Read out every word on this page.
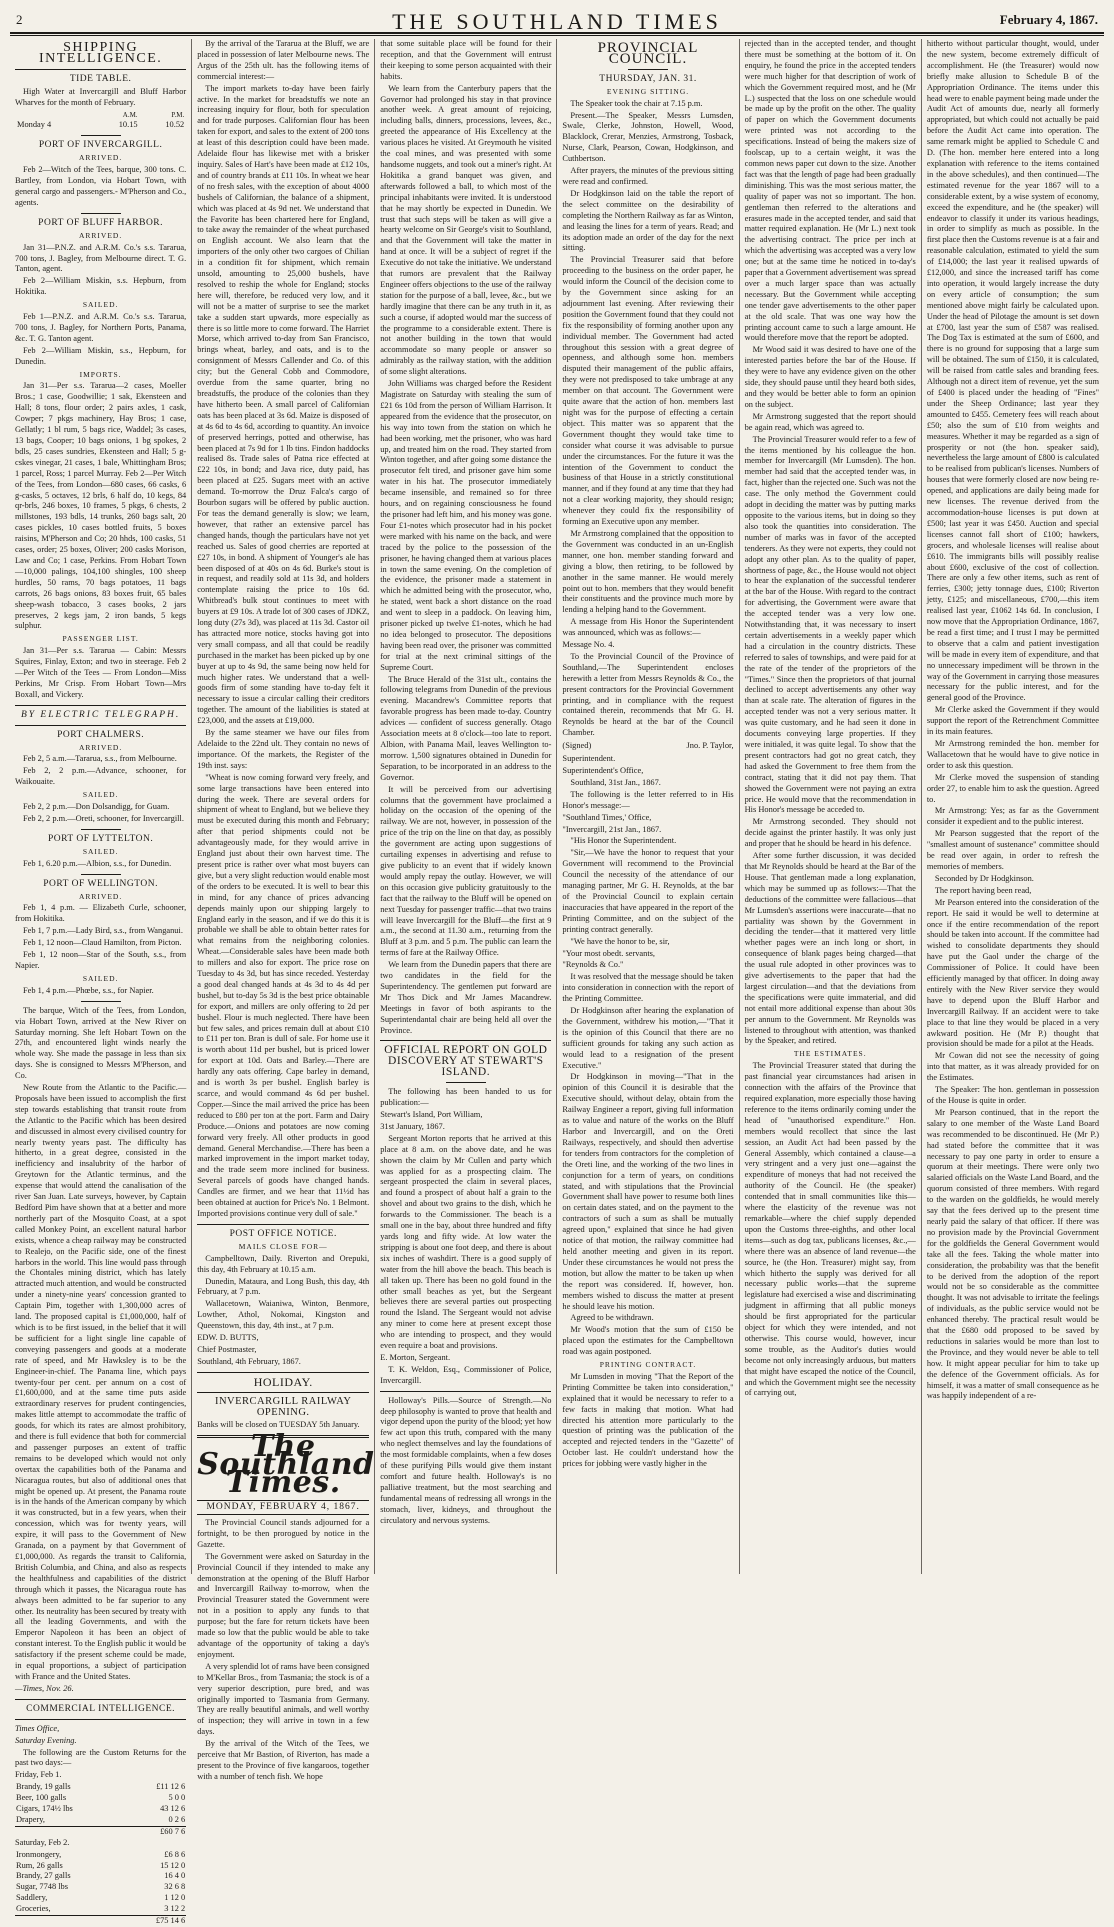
2	THE SOUTHLAND TIMES	February 4, 1867.
SHIPPING INTELLIGENCE.
TIDE TABLE.

High Water at Invercargill and Bluff Harbor Wharves for the month of February.

	A.M.	P.M.
Monday 4	10.15	10.52
PORT OF INVERCARGILL.
ARRIVED.

Feb 2—Witch of the Tees, barque, 300 tons. C. Bartley, from London, via Hobart Town, with general cargo and passengers.- M'Pherson and Co., agents.

PORT OF BLUFF HARBOR.
ARRIVED.

Jan 31—P.N.Z. and A.R.M. Co.'s s.s. Tararua, 700 tons, J. Bagley, from Melbourne direct. T. G. Tanton, agent.

Feb 2—William Miskin, s.s. Hepburn, from Hokitika.

SAILED.

Feb 1—P.N.Z. and A.R.M. Co.'s s.s. Tararua, 700 tons, J. Bagley, for Northern Ports, Panama, &c. T. G. Tanton agent.

Feb 2—William Miskin, s.s., Hepburn, for Dunedin.

IMPORTS.

Jan 31—Per s.s. Tararua—2 cases, Moeller Bros.; 1 case, Goodwillie; 1 sak, Ekensteen and Hall; 8 tons, flour order; 2 pairs axles, 1 cask, Cowper; 7 pkgs machinery, Hay Bros; 1 case, Gellatly; 1 bl rum, 5 bags rice, Waddel; 3s cases, 13 bags, Cooper; 10 bags onions, 1 bg spokes, 2 bdls, 25 cases sundries, Ekensteen and Hall; 5 g-cskes vinegar, 21 cases, 1 bale, Whittingham Bros; 1 parcel, Ross; 1 parcel Murray. Feb 2—Per Witch of the Tees, from London—680 cases, 66 casks, 6 g-casks, 5 octaves, 12 brls, 6 half do, 10 kegs, 84 qr-brls, 246 boxes, 10 frames, 5 pkgs, 6 chests, 2 millstones, 193 bdls, 14 trunks, 260 bags salt, 20 cases pickles, 10 cases bottled fruits, 5 boxes raisins, M'Pherson and Co; 20 hhds, 100 casks, 51 cases, order; 25 boxes, Oliver; 200 casks Morison, Law and Co; 1 case, Perkins. From Hobart Town—10,000 palings, 104,100 shingles, 100 sheep hurdles, 50 rams, 70 bags potatoes, 11 bags carrots, 26 bags onions, 83 boxes fruit, 65 bales sheep-wash tobacco, 3 cases books, 2 jars preserves, 2 kegs jam, 2 iron bands, 5 kegs sulphur.

PASSENGER LIST.

Jan 31—Per s.s. Tararua — Cabin: Messrs Squires, Finlay, Exton; and two in steerage. Feb 2—Per Witch of the Tees — From London—Miss Perkins, Mr Crisp. From Hobart Town—Mrs Boxall, and Vickery.

BY ELECTRIC TELEGRAPH.
PORT CHALMERS.
ARRIVED.

Feb 2, 5 a.m.—Tararua, s.s., from Melbourne.

Feb 2, 2 p.m.—Advance, schooner, for Waikouaite.

SAILED.

Feb 2, 2 p.m.—Don Dolsandigg, for Guam.

Feb 2, 2 p.m.—Oreti, schooner, for Invercargill.

PORT OF LYTTELTON.
SAILED.

Feb 1, 6.20 p.m.—Albion, s.s., for Dunedin.

PORT OF WELLINGTON.
ARRIVED.

Feb 1, 4 p.m. — Elizabeth Curle, schooner, from Hokitika.

Feb 1, 7 p.m.—Lady Bird, s.s., from Wanganui.

Feb 1, 12 noon—Claud Hamilton, from Picton.

Feb 1, 12 noon—Star of the South, s.s., from Napier.

SAILED.

Feb 1, 4 p.m.—Phœbe, s.s., for Napier.

The barque, Witch of the Tees, from London, via Hobart Town, arrived at the New River on Saturday morning. She left Hobart Town on the 27th, and encountered light winds nearly the whole way. She made the passage in less than six days. She is consigned to Messrs M'Pherson, and Co.

New Route from the Atlantic to the Pacific.—Proposals have been issued to accomplish the first step towards establishing that transit route from the Atlantic to the Pacific which has been desired and discussed in almost every civilised country for nearly twenty years past. The difficulty has hitherto, in a great degree, consisted in the inefficiency and insalubrity of the harbor of Greytown for the Atlantic terminus, and the expense that would attend the canalisation of the river San Juan. Late surveys, however, by Captain Bedford Pim have shown that at a better and more northerly part of the Mosquito Coast, at a spot called Monkey Point, an excellent natural harbor exists, whence a cheap railway may be constructed to Realejo, on the Pacific side, one of the finest harbors in the world. This line would pass through the Chontales mining district, which has lately attracted much attention, and would be constructed under a ninety-nine years' concession granted to Captain Pim, together with 1,300,000 acres of land. The proposed capital is £1,000,000, half of which is to be first issued, in the belief that it will be sufficient for a light single line capable of conveying passengers and goods at a moderate rate of speed, and Mr Hawksley is to be the Engineer-in-chief. The Panama line, which pays twenty-four per cent. per annum on a cost of £1,600,000, and at the same time puts aside extraordinary reserves for prudent contingencies, makes little attempt to accommodate the traffic of goods, for which its rates are almost prohibitory, and there is full evidence that both for commercial and passenger purposes an extent of traffic remains to be developed which would not only overtax the capabilities both of the Panama and Nicaragua routes, but also of additional ones that might be opened up. At present, the Panama route is in the hands of the American company by which it was constructed, but in a few years, when their concession, which was for twenty years, will expire, it will pass to the Government of New Granada, on a payment by that Government of £1,000,000. As regards the transit to California, British Columbia, and China, and also as respects the healthfulness and capabilities of the district through which it passes, the Nicaragua route has always been admitted to be far superior to any other. Its neutrality has been secured by treaty with all the leading Governments, and with the Emperor Napoleon it has been an object of constant interest. To the English public it would be satisfactory if the present scheme could be made, in equal proportions, a subject of participation with France and the United States.

—Times, Nov. 26.

COMMERCIAL INTELLIGENCE.

Times Office,

Saturday Evening.

The following are the Custom Returns for the past two days:—

Friday, Feb 1.

Brandy, 19 galls	£11 12 6
Beer, 100 galls	5 0 0
Cigars, 174½ lbs	43 12 6
Drapery,	0 2 6
	£60 7 6

Saturday, Feb 2.

Ironmongery,	£6 8 6
Rum, 26 galls	15 12 0
Brandy, 27 galls	16 4 0
Sugar, 7748 lbs	32 6 8
Saddlery,	1 12 0
Groceries,	3 12 2
	£75 14 6

By the arrival of the Tararua at the Bluff, we are placed in possession of later Melbourne news. The Argus of the 25th ult. has the following items of commercial interest:—

The import markets to-day have been fairly active. In the market for breadstuffs we note an increasing inquiry for flour, both for speculation and for trade purposes. Californian flour has been taken for export, and sales to the extent of 200 tons at least of this description could have been made. Adelaide flour has likewise met with a brisker inquiry. Sales of Hart's have been made at £12 10s, and of country brands at £11 10s. In wheat we hear of no fresh sales, with the exception of about 4000 bushels of Californian, the balance of a shipment, which was placed at 4s 9d net. We understand that the Favorite has been chartered here for England, to take away the remainder of the wheat purchased on English account. We also learn that the importers of the only other two cargoes of Chilian in a condition fit for shipment, which remain unsold, amounting to 25,000 bushels, have resolved to reship the whole for England; stocks here will, therefore, be reduced very low, and it will not be a matter of surprise to see the market take a sudden start upwards, more especially as there is so little more to come forward. The Harriet Morse, which arrived to-day from San Francisco, brings wheat, barley, and oats, and is to the consignment of Messrs Callender and Co. of this city; but the General Cobb and Commodore, overdue from the same quarter, bring no breadstuffs, the produce of the colonies than they have hitherto been. A small parcel of Californian oats has been placed at 3s 6d. Maize is disposed of at 4s 6d to 4s 6d, according to quantity. An invoice of preserved herrings, potted and otherwise, has been placed at 7s 9d for 1 lb tins. Findon haddocks realised 8s. Trade sales of Patna rice effected at £22 10s, in bond; and Java rice, duty paid, has been placed at £25. Sugars meet with an active demand. To-morrow the Druz Falca's cargo of Bourbon sugars will be offered by public auction. For teas the demand generally is slow; we learn, however, that rather an extensive parcel has changed hands, though the particulars have not yet reached us. Sales of good cherries are reported at £27 10s, in bond. A shipment of Younger's ale has been disposed of at 40s on 4s 6d. Burke's stout is in request, and readily sold at 11s 3d, and holders contemplate raising the price to 10s 6d. Whitbread's bulk stout continues to meet with buyers at £9 10s. A trade lot of 300 cases of JDKZ, long duty (27s 3d), was placed at 11s 3d. Castor oil has attracted more notice, stocks having got into very small compass, and all that could be readily purchased in the market has been picked up by one buyer at up to 4s 9d, the same being now held for much higher rates. We understand that a well-goods firm of some standing have to-day felt it necessary to issue a circular calling their creditors together. The amount of the liabilities is stated at £23,000, and the assets at £19,000.

By the same steamer we have our files from Adelaide to the 22nd ult. They contain no news of importance. Of the markets, the Register of the 19th inst. says:

"Wheat is now coming forward very freely, and some large transactions have been entered into during the week. There are several orders for shipment of wheat to England, but we believe they must be executed during this month and February; after that period shipments could not be advantageously made, for they would arrive in England just about their own harvest time. The present price is rather over what most buyers can give, but a very slight reduction would enable most of the orders to be executed. It is well to bear this in mind, for any chance of prices advancing depends mainly upon our shipping largely to England early in the season, and if we do this it is probable we shall be able to obtain better rates for what remains from the neighboring colonies. Wheat.—Considerable sales have been made both to millers and also for export. The price rose on Tuesday to 4s 3d, but has since receded. Yesterday a good deal changed hands at 4s 3d to 4s 4d per bushel, but to-day 5s 3d is the best price obtainable for export, and millers are only offering to 2d per bushel. Flour is much neglected. There have been but few sales, and prices remain dull at about £10 to £11 per ton. Bran is dull of sale. For home use it is worth about 11d per bushel, but is priced lower for export at 10d. Oats and Barley.—There are hardly any oats offering. Cape barley in demand, and is worth 3s per bushel. English barley is scarce, and would command 4s 6d per bushel. Copper.—Since the mail arrived the price has been reduced to £80 per ton at the port. Farm and Dairy Produce.—Onions and potatoes are now coming forward very freely. All other products in good demand. General Merchandise.—There has been a marked improvement in the import market today, and the trade seem more inclined for business. Several parcels of goods have changed hands. Candles are firmer, and we hear that 11½d has been obtained at auction for Price's No. 1 Belmont. Imported provisions continue very dull of sale."

POST OFFICE NOTICE.
MAILS CLOSE FOR—

Campbelltown, Daily. Riverton and Orepuki, this day, 4th February at 10.15 a.m.

Dunedin, Mataura, and Long Bush, this day, 4th February, at 7 p.m.

Wallacetown, Waianiwa, Winton, Benmore, Lowther, Athol, Nokomai, Kingston and Queenstown, this day, 4th inst., at 7 p.m.

EDW. D. BUTTS,

Chief Postmaster,

Southland, 4th February, 1867.

HOLIDAY.
INVERCARGILL RAILWAY OPENING.

Banks will be closed on TUESDAY 5th January.

The Southland Times.
MONDAY, FEBRUARY 4, 1867.

The Provincial Council stands adjourned for a fortnight, to be then prorogued by notice in the Gazette.

The Government were asked on Saturday in the Provincial Council if they intended to make any demonstration at the opening of the Bluff Harbor and Invercargill Railway to-morrow, when the Provincial Treasurer stated the Government were not in a position to apply any funds to that purpose; but the fare for return tickets have been made so low that the public would be able to take advantage of the opportunity of taking a day's enjoyment.

A very splendid lot of rams have been consigned to M'Kellar Bros., from Tasmania; the stock is of a very superior description, pure bred, and was originally imported to Tasmania from Germany. They are really beautiful animals, and well worthy of inspection; they will arrive in town in a few days.

By the arrival of the Witch of the Tees, we perceive that Mr Bastion, of Riverton, has made a present to the Province of five kangaroos, together with a number of tench fish. We hope

that some suitable place will be found for their reception, and that the Government will entrust their keeping to some person acquainted with their habits.

We learn from the Canterbury papers that the Governor had prolonged his stay in that province another week. A great amount of rejoicing, including balls, dinners, processions, levees, &c., greeted the appearance of His Excellency at the various places he visited. At Greymouth he visited the coal mines, and was presented with some handsome nuggets, and took out a miner's right. At Hokitika a grand banquet was given, and afterwards followed a ball, to which most of the principal inhabitants were invited. It is understood that he may shortly be expected in Dunedin. We trust that such steps will be taken as will give a hearty welcome on Sir George's visit to Southland, and that the Government will take the matter in hand at once. It will be a subject of regret if the Executive do not take the initiative. We understand that rumors are prevalent that the Railway Engineer offers objections to the use of the railway station for the purpose of a ball, levee, &c., but we hardly imagine that there can be any truth in it, as such a course, if adopted would mar the success of the programme to a considerable extent. There is not another building in the town that would accommodate so many people or answer so admirably as the railway station, with the addition of some slight alterations.

John Williams was charged before the Resident Magistrate on Saturday with stealing the sum of £21 6s 10d from the person of William Harrison. It appeared from the evidence that the prosecutor, on his way into town from the station on which he had been working, met the prisoner, who was hard up, and treated him on the road. They started from Winton together, and after going some distance the prosecutor felt tired, and prisoner gave him some water in his hat. The prosecutor immediately became insensible, and remained so for three hours, and on regaining consciousness he found the prisoner had left him, and his money was gone. Four £1-notes which prosecutor had in his pocket were marked with his name on the back, and were traced by the police to the possession of the prisoner, he having changed them at various places in town the same evening. On the completion of the evidence, the prisoner made a statement in which he admitted being with the prosecutor, who, he stated, went back a short distance on the road and went to sleep in a paddock. On leaving him, prisoner picked up twelve £1-notes, which he had no idea belonged to prosecutor. The depositions having been read over, the prisoner was committed for trial at the next criminal sittings of the Supreme Court.

The Bruce Herald of the 31st ult., contains the following telegrams from Dunedin of the previous evening. Macandrew's Committee reports that favorable progress has been made to-day. Country advices — confident of success generally. Otago Association meets at 8 o'clock—too late to report. Albion, with Panama Mail, leaves Wellington to-morrow. 1,500 signatures obtained in Dunedin for Separation, to be incorporated in an address to the Governor.

It will be perceived from our advertising columns that the government have proclaimed a holiday on the occasion of the opening of the railway. We are not, however, in possession of the price of the trip on the line on that day, as possibly the government are acting upon suggestions of curtailing expenses in advertising and refuse to give publicity to an event that if widely known would amply repay the outlay. However, we will on this occasion give publicity gratuitously to the fact that the railway to the Bluff will be opened on next Tuesday for passenger traffic—that two trains will leave Invercargill for the Bluff—the first at 9 a.m., the second at 11.30 a.m., returning from the Bluff at 3 p.m. and 5 p.m. The public can learn the terms of fare at the Railway Office.

We learn from the Dunedin papers that there are two candidates in the field for the Superintendency. The gentlemen put forward are Mr Thos Dick and Mr James Macandrew. Meetings in favor of both aspirants to the Superintendantal chair are being held all over the Province.

OFFICIAL REPORT ON GOLD DISCOVERY AT STEWART'S ISLAND.

The following has been handed to us for publication:—

Stewart's Island, Port William,

31st January, 1867.

Sergeant Morton reports that he arrived at this place at 8 a.m. on the above date, and he was shown the claim by Mr Cullen and party which was applied for as a prospecting claim. The sergeant prospected the claim in several places, and found a prospect of about half a grain to the shovel and about two grains to the dish, which he forwards to the Commissioner. The beach is a small one in the bay, about three hundred and fifty yards long and fifty wide. At low water the stripping is about one foot deep, and there is about six inches of washdirt. There is a good supply of water from the hill above the beach. This beach is all taken up. There has been no gold found in the other small beaches as yet, but the Sergeant believes there are several parties out prospecting round the Island. The Sergeant would not advise any miner to come here at present except those who are intending to prospect, and they would even require a boat and provisions.

E. Morton, Sergeant.

T. K. Weldon, Esq., Commissioner of Police, Invercargill.

Holloway's Pills.—Source of Strength.—No deep philosophy is wanted to prove that health and vigor depend upon the purity of the blood; yet how few act upon this truth, compared with the many who neglect themselves and lay the foundations of the most formidable complaints, when a few doses of these purifying Pills would give them instant comfort and future health. Holloway's is no palliative treatment, but the most searching and fundamental means of redressing all wrongs in the stomach, liver, kidneys, and throughout the circulatory and nervous systems.

PROVINCIAL COUNCIL.
THURSDAY, JAN. 31.
EVENING SITTING.

The Speaker took the chair at 7.15 p.m.

Present.—The Speaker, Messrs Lumsden, Swale, Clerke, Johnston, Howell, Wood, Blacklock, Crerar, Menzies, Armstrong, Tosback, Nurse, Clark, Pearson, Cowan, Hodgkinson, and Cuthbertson.

After prayers, the minutes of the previous sitting were read and confirmed.

Dr Hodgkinson laid on the table the report of the select committee on the desirability of completing the Northern Railway as far as Winton, and leasing the lines for a term of years. Read; and its adoption made an order of the day for the next sitting.

The Provincial Treasurer said that before proceeding to the business on the order paper, he would inform the Council of the decision come to by the Government since asking for an adjournment last evening. After reviewing their position the Government found that they could not fix the responsibility of forming another upon any individual member. The Government had acted throughout this session with a great degree of openness, and although some hon. members disputed their management of the public affairs, they were not predisposed to take umbrage at any member on that account. The Government were quite aware that the action of hon. members last night was for the purpose of effecting a certain object. This matter was so apparent that the Government thought they would take time to consider what course it was advisable to pursue under the circumstances. For the future it was the intention of the Government to conduct the business of that House in a strictly constitutional manner, and if they found at any time that they had not a clear working majority, they should resign; whenever they could fix the responsibility of forming an Executive upon any member.

Mr Armstrong complained that the opposition to the Government was conducted in an un-English manner, one hon. member standing forward and giving a blow, then retiring, to be followed by another in the same manner. He would merely point out to hon. members that they would benefit their constituents and the province much more by lending a helping hand to the Government.

A message from His Honor the Superintendent was announced, which was as follows:—

Message No. 4.

To the Provincial Council of the Province of Southland,—The Superintendent encloses herewith a letter from Messrs Reynolds & Co., the present contractors for the Provincial Government printing, and in compliance with the request contained therein, recommends that Mr G. H. Reynolds be heard at the bar of the Council Chamber.

(Signed)	Jno. P. Taylor,

Superintendent.

Superintendent's Office,

Southland, 31st Jan., 1867.

The following is the letter referred to in His Honor's message:—

"Southland Times,' Office,

"Invercargill, 21st Jan., 1867.

"His Honor the Superintendent.

"Sir,—We have the honor to request that your Government will recommend to the Provincial Council the necessity of the attendance of our managing partner, Mr G. H. Reynolds, at the bar of the Provincial Council to explain certain inaccuracies that have appeared in the report of the Printing Committee, and on the subject of the printing contract generally.

"We have the honor to be, sir,

"Your most obedt. servants,

"Reynolds & Co."

It was resolved that the message should be taken into consideration in connection with the report of the Printing Committee.

Dr Hodgkinson after hearing the explanation of the Government, withdrew his motion,—"That it is the opinion of this Council that there are no sufficient grounds for taking any such action as would lead to a resignation of the present Executive."

Dr Hodgkinson in moving—"That in the opinion of this Council it is desirable that the Executive should, without delay, obtain from the Railway Engineer a report, giving full information as to value and nature of the works on the Bluff Harbor and Invercargill, and on the Oreti Railways, respectively, and should then advertise for tenders from contractors for the completion of the Oreti line, and the working of the two lines in conjunction for a term of years, on conditions stated, and with stipulations that the Provincial Government shall have power to resume both lines on certain dates stated, and on the payment to the contractors of such a sum as shall be mutually agreed upon," explained that since he had given notice of that motion, the railway committee had held another meeting and given in its report. Under these circumstances he would not press the motion, but allow the matter to be taken up when the report was considered. If, however, hon. members wished to discuss the matter at present he should leave his motion.

Agreed to be withdrawn.

Mr Wood's motion that the sum of £150 be placed upon the estimates for the Campbelltown road was again postponed.

PRINTING CONTRACT.

Mr Lumsden in moving "That the Report of the Printing Committee be taken into consideration," explained that it would be necessary to refer to a few facts in making that motion. What had directed his attention more particularly to the question of printing was the publication of the accepted and rejected tenders in the "Gazette" of October last. He couldn't understand how the prices for jobbing were vastly higher in the

rejected than in the accepted tender, and thought there must be something at the bottom of it. On enquiry, he found the price in the accepted tenders were much higher for that description of work of which the Government required most, and he (Mr L.) suspected that the loss on one schedule would be made up by the profit on the other. The quality of paper on which the Government documents were printed was not according to the specifications. Instead of being the makers size of foolscap, up to a certain weight, it was the common news paper cut down to the size. Another fact was that the length of page had been gradually diminishing. This was the most serious matter, the quality of paper was not so important. The hon. gentleman then referred to the alterations and erasures made in the accepted tender, and said that matter required explanation. He (Mr L.) next took the advertising contract. The price per inch at which the advertising was accepted was a very low one; but at the same time he noticed in to-day's paper that a Government advertisement was spread over a much larger space than was actually necessary. But the Government while accepting one tender gave advertisements to the other paper at the old scale. That was one way how the printing account came to such a large amount. He would therefore move that the report be adopted.

Mr Wood said it was desired to have one of the interested parties before the bar of the House. If they were to have any evidence given on the other side, they should pause until they heard both sides, and they would be better able to form an opinion on the subject.

Mr Armstrong suggested that the report should be again read, which was agreed to.

The Provincial Treasurer would refer to a few of the items mentioned by his colleague the hon. member for Invercargill (Mr Lumsden). The hon. member had said that the accepted tender was, in fact, higher than the rejected one. Such was not the case. The only method the Government could adopt in deciding the matter was by putting marks opposite to the various items, but in doing so they also took the quantities into consideration. The number of marks was in favor of the accepted tenderers. As they were not experts, they could not adopt any other plan. As to the quality of paper, shortness of page, &c., the House would not object to hear the explanation of the successful tenderer at the bar of the House. With regard to the contract for advertising, the Government were aware that the accepted tender was a very low one. Notwithstanding that, it was necessary to insert certain advertisements in a weekly paper which had a circulation in the country districts. These referred to sales of townships, and were paid for at the rate of the tender of the proprietors of the "Times." Since then the proprietors of that journal declined to accept advertisements any other way than at scale rate. The alteration of figures in the accepted tender was not a very serious matter. It was quite customary, and he had seen it done in documents conveying large properties. If they were initialed, it was quite legal. To show that the present contractors had got no great catch, they had asked the Government to free them from the contract, stating that it did not pay them. That showed the Government were not paying an extra price. He would move that the recommendation in His Honor's message be acceded to.

Mr Armstrong seconded. They should not decide against the printer hastily. It was only just and proper that he should be heard in his defence.

After some further discussion, it was decided that Mr Reynolds should be heard at the Bar of the House. That gentleman made a long explanation, which may be summed up as follows:—That the deductions of the committee were fallacious—that Mr Lumsden's assertions were inaccurate—that no partiality was shown by the Government in deciding the tender—that it mattered very little whether pages were an inch long or short, in consequence of blank pages being charged—that the usual rule adopted in other provinces was to give advertisements to the paper that had the largest circulation—and that the deviations from the specifications were quite immaterial, and did not entail more additional expense than about 30s per annum to the Government. Mr Reynolds was listened to throughout with attention, was thanked by the Speaker, and retired.

THE ESTIMATES.

The Provincial Treasurer stated that during the past financial year circumstances had arisen in connection with the affairs of the Province that required explanation, more especially those having reference to the items ordinarily coming under the head of "unauthorised expenditure." Hon. members would recollect that since the last session, an Audit Act had been passed by the General Assembly, which contained a clause—a very stringent and a very just one—against the expenditure of moneys that had not received the authority of the Council. He (the speaker) contended that in small communities like this—where the elasticity of the revenue was not remarkable—where the chief supply depended upon the Customs three-eighths, and other local items—such as dog tax, publicans licenses, &c.,—where there was an absence of land revenue—the source, he (the Hon. Treasurer) might say, from which hitherto the supply was derived for all necessary public works—that the supreme legislature had exercised a wise and discriminating judgment in affirming that all public moneys should be first appropriated for the particular object for which they were intended, and not otherwise. This course would, however, incur some trouble, as the Auditor's duties would become not only increasingly arduous, but matters that might have escaped the notice of the Council, and which the Government might see the necessity of carrying out,

hitherto without particular thought, would, under the new system, become extremely difficult of accomplishment. He (the Treasurer) would now briefly make allusion to Schedule B of the Appropriation Ordinance. The items under this head were to enable payment being made under the Audit Act of amounts due, nearly all formerly appropriated, but which could not actually be paid before the Audit Act came into operation. The same remark might be applied to Schedule C and D. (The hon. member here entered into a long explanation with reference to the items contained in the above schedules), and then continued—The estimated revenue for the year 1867 will to a considerable extent, by a wise system of economy, exceed the expenditure, and he (the speaker) will endeavor to classify it under its various headings, in order to simplify as much as possible. In the first place then the Customs revenue is at a fair and reasonable calculation, estimated to yield the sum of £14,000; the last year it realised upwards of £12,000, and since the increased tariff has come into operation, it would largely increase the duty on every article of consumption; the sum mentioned above might fairly be calculated upon. Under the head of Pilotage the amount is set down at £700, last year the sum of £587 was realised. The Dog Tax is estimated at the sum of £600, and there is no ground for supposing that a large sum will be obtained. The sum of £150, it is calculated, will be raised from cattle sales and branding fees. Although not a direct item of revenue, yet the sum of £400 is placed under the heading of "Fines" under the Sheep Ordinance; last year they amounted to £455. Cemetery fees will reach about £50; also the sum of £10 from weights and measures. Whether it may be regarded as a sign of prosperity or not (the hon. speaker said), nevertheless the large amount of £800 is calculated to be realised from publican's licenses. Numbers of houses that were formerly closed are now being re-opened, and applications are daily being made for new licenses. The revenue derived from the accommodation-house licenses is put down at £500; last year it was £450. Auction and special licenses cannot fall short of £100; hawkers, grocers, and wholesale licenses will realise about £610. The immigrants bills will possibly realise about £600, exclusive of the cost of collection. There are only a few other items, such as rent of ferries, £300; jetty tonnage dues, £100; Riverton jetty, £125; and miscellaneous, £700,—this item realised last year, £1062 14s 6d. In conclusion, I now move that the Appropriation Ordinance, 1867, be read a first time; and I trust I may be permitted to observe that a calm and patient investigation will be made in every item of expenditure, and that no unnecessary impediment will be thrown in the way of the Government in carrying those measures necessary for the public interest, and for the general good of the Province.

Mr Clerke asked the Government if they would support the report of the Retrenchment Committee in its main features.

Mr Armstrong reminded the hon. member for Wallacetown that he would have to give notice in order to ask this question.

Mr Clerke moved the suspension of standing order 27, to enable him to ask the question. Agreed to.

Mr Armstrong: Yes; as far as the Government consider it expedient and to the public interest.

Mr Pearson suggested that the report of the "smallest amount of sustenance" committee should be read over again, in order to refresh the memories of members.

Seconded by Dr Hodgkinson.

The report having been read,

Mr Pearson entered into the consideration of the report. He said it would be well to determine at once if the entire recommendation of the report should be taken into account. If the committee had wished to consolidate departments they should have put the Gaol under the charge of the Commissioner of Police. It could have been efficiently managed by that officer. In doing away entirely with the New River service they would have to depend upon the Bluff Harbor and Invercargill Railway. If an accident were to take place to that line they would be placed in a very awkward position. He (Mr P.) thought that provision should be made for a pilot at the Heads.

Mr Cowan did not see the necessity of going into that matter, as it was already provided for on the Estimates.

The Speaker: The hon. gentleman in possession of the House is quite in order.

Mr Pearson continued, that in the report the salary to one member of the Waste Land Board was recommended to be discontinued. He (Mr P.) had stated before the committee that it was necessary to pay one party in order to ensure a quorum at their meetings. There were only two salaried officials on the Waste Land Board, and the quorum consisted of three members. With regard to the warden on the goldfields, he would merely say that the fees derived up to the present time nearly paid the salary of that officer. If there was no provision made by the Provincial Government for the goldfields the General Government would take all the fees. Taking the whole matter into consideration, the probability was that the benefit to be derived from the adoption of the report would not be so considerable as the committee thought. It was not advisable to irritate the feelings of individuals, as the public service would not be enhanced thereby. The practical result would be that the £680 odd proposed to be saved by reductions in salaries would be more than lost to the Province, and they would never be able to tell how. It might appear peculiar for him to take up the defence of the Government officials. As for himself, it was a matter of small consequence as he was happily independent of a re-
